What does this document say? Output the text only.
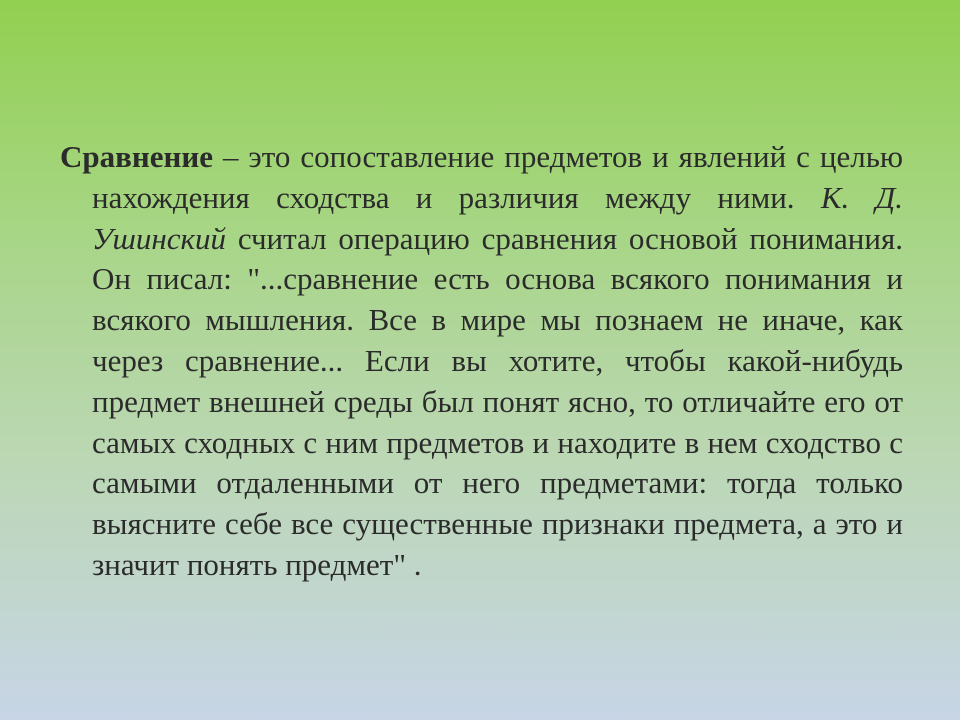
Сравнение – это сопоставление предметов и явлений с целью нахождения сходства и различия между ними. К. Д. Ушинский считал операцию сравнения основой понимания. Он писал: "...сравнение есть основа всякого понимания и всякого мышления. Все в мире мы познаем не иначе, как через сравнение... Если вы хотите, чтобы какой-нибудь предмет внешней среды был понят ясно, то отличайте его от самых сходных с ним предметов и находите в нем сходство с самыми отдаленными от него предметами: тогда только выясните себе все существенные признаки предмета, а это и значит понять предмет" .
